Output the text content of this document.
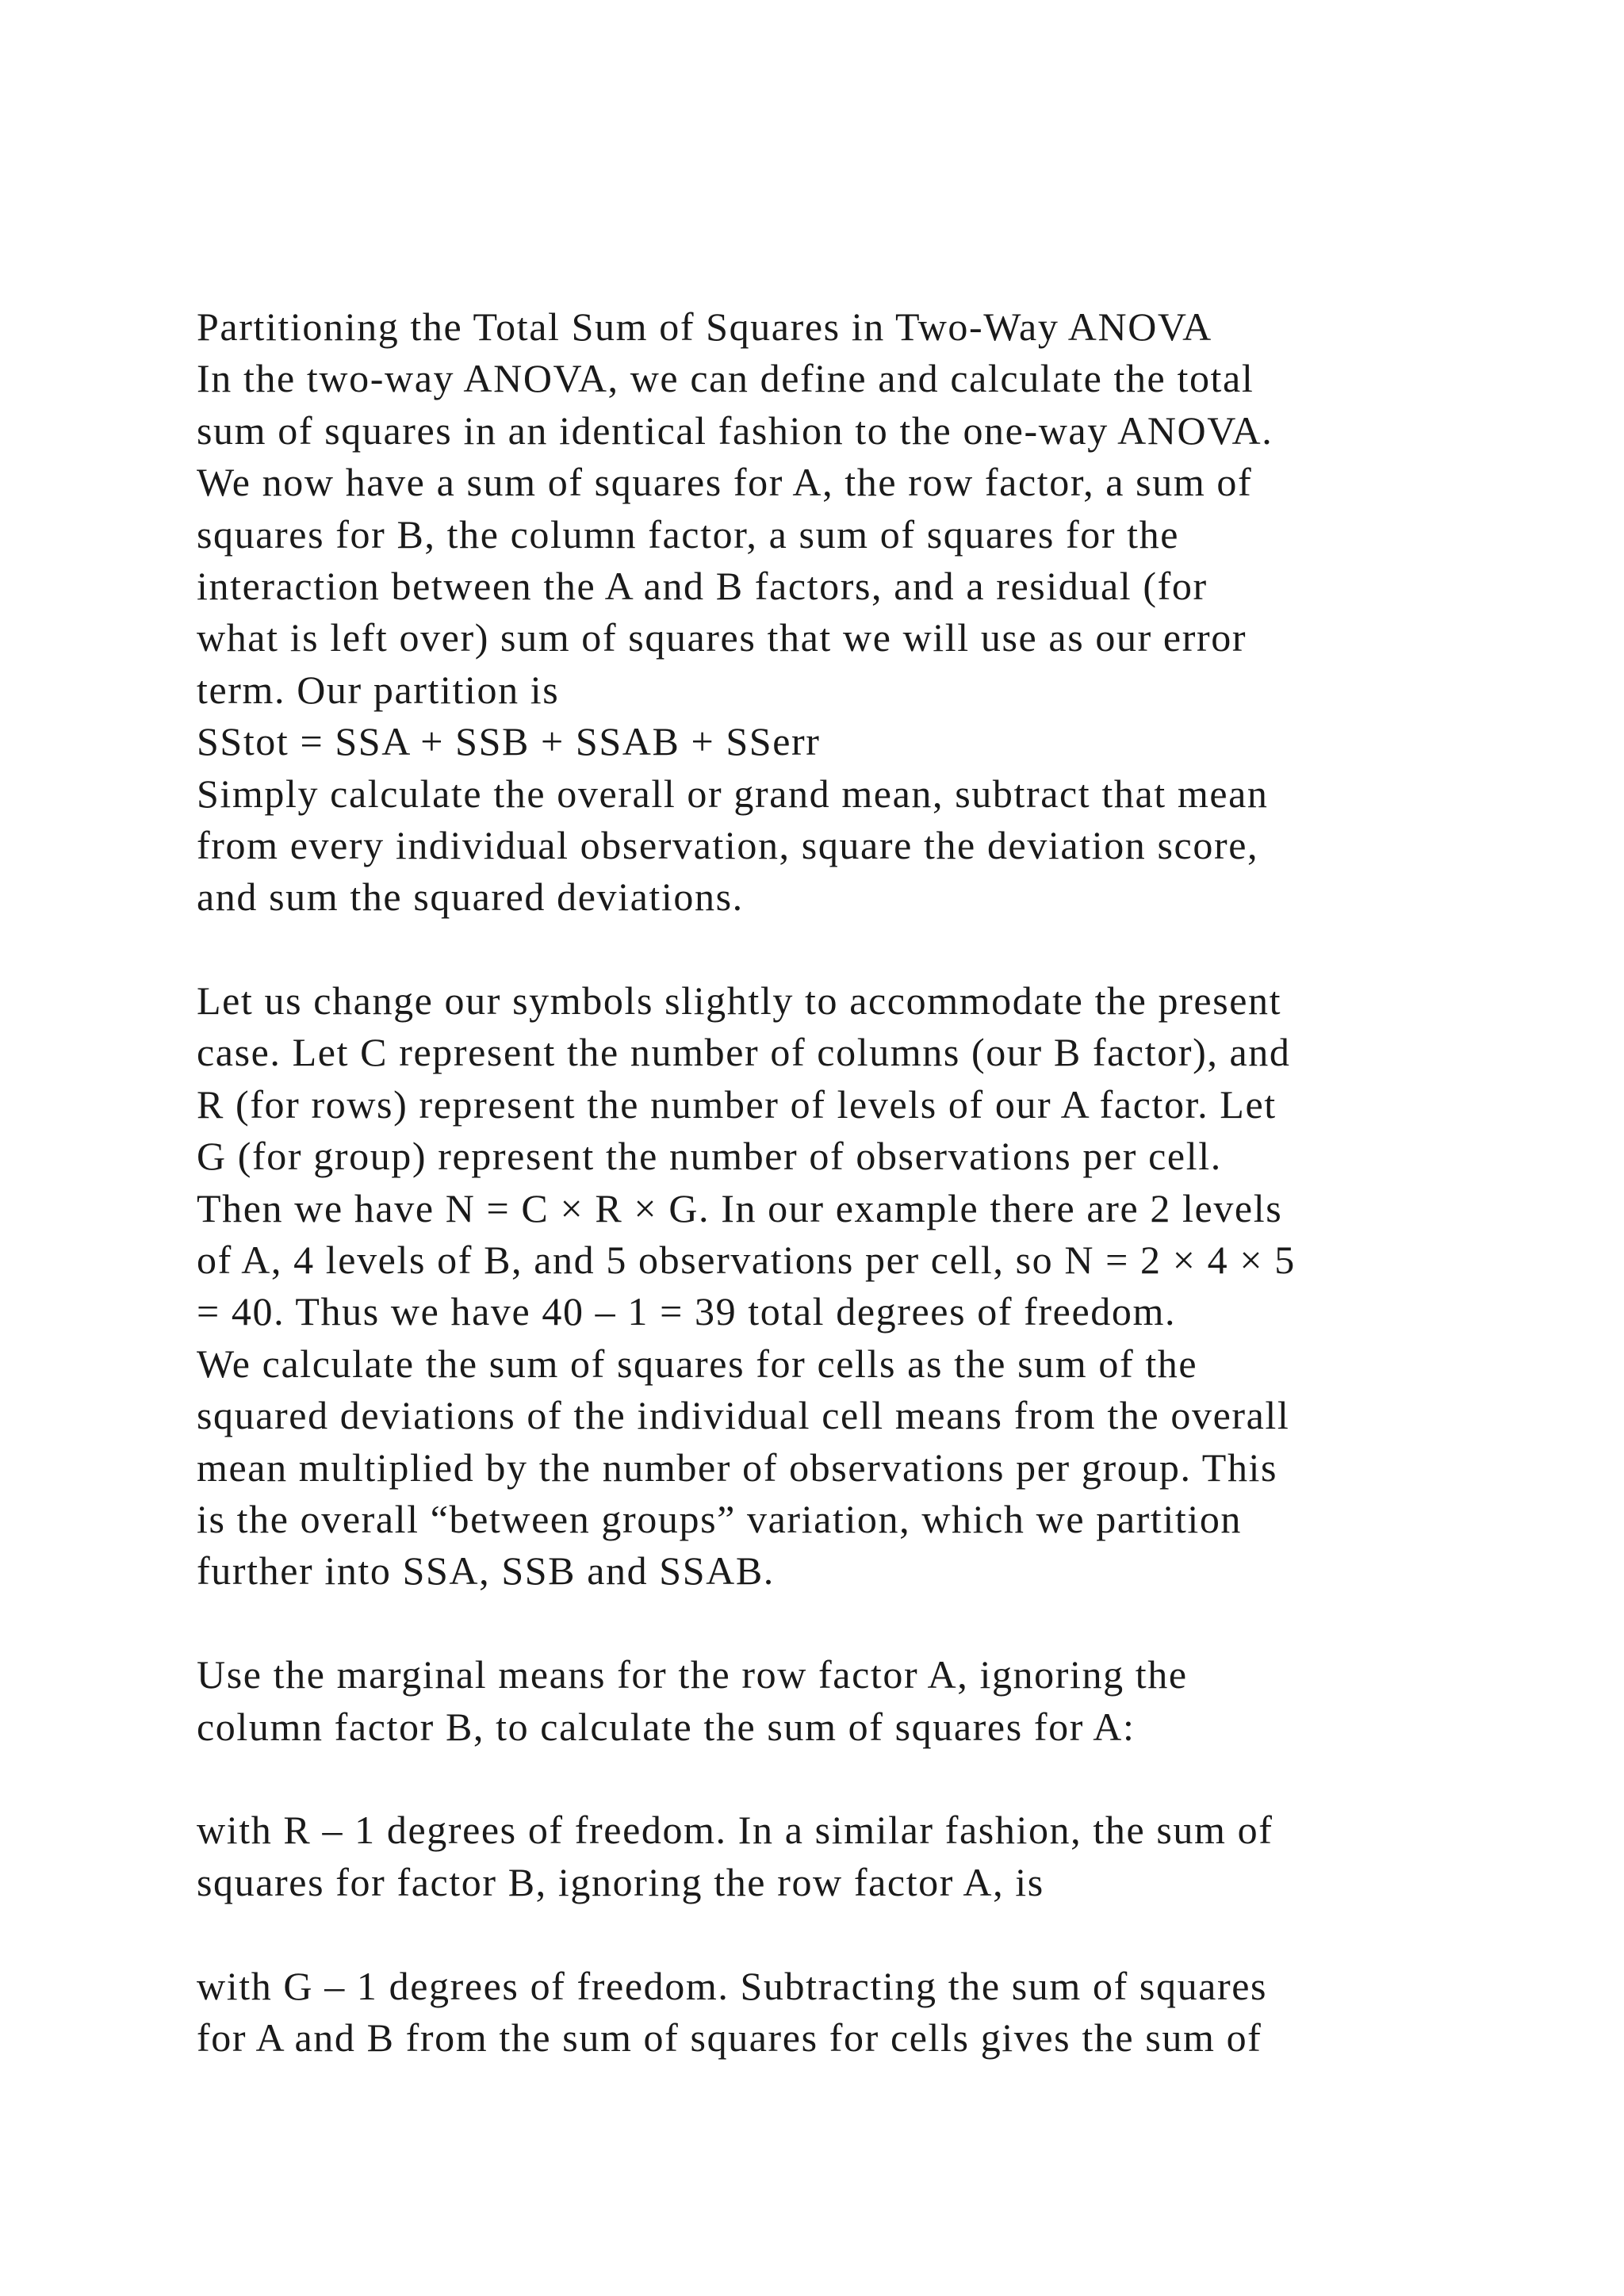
Partitioning the Total Sum of Squares in Two-Way ANOVA
In the two-way ANOVA, we can define and calculate the total
sum of squares in an identical fashion to the one-way ANOVA.
We now have a sum of squares for A, the row factor, a sum of
squares for B, the column factor, a sum of squares for the
interaction between the A and B factors, and a residual (for
what is left over) sum of squares that we will use as our error
term. Our partition is
SStot = SSA + SSB + SSAB + SSerr
Simply calculate the overall or grand mean, subtract that mean
from every individual observation, square the deviation score,
and sum the squared deviations.
Let us change our symbols slightly to accommodate the present
case. Let C represent the number of columns (our B factor), and
R (for rows) represent the number of levels of our A factor. Let
G (for group) represent the number of observations per cell.
Then we have N = C × R × G. In our example there are 2 levels
of A, 4 levels of B, and 5 observations per cell, so N = 2 × 4 × 5
= 40. Thus we have 40 – 1 = 39 total degrees of freedom.
We calculate the sum of squares for cells as the sum of the
squared deviations of the individual cell means from the overall
mean multiplied by the number of observations per group. This
is the overall “between groups” variation, which we partition
further into SSA, SSB and SSAB.
Use the marginal means for the row factor A, ignoring the
column factor B, to calculate the sum of squares for A:
with R – 1 degrees of freedom. In a similar fashion, the sum of
squares for factor B, ignoring the row factor A, is
with G – 1 degrees of freedom. Subtracting the sum of squares
for A and B from the sum of squares for cells gives the sum of
